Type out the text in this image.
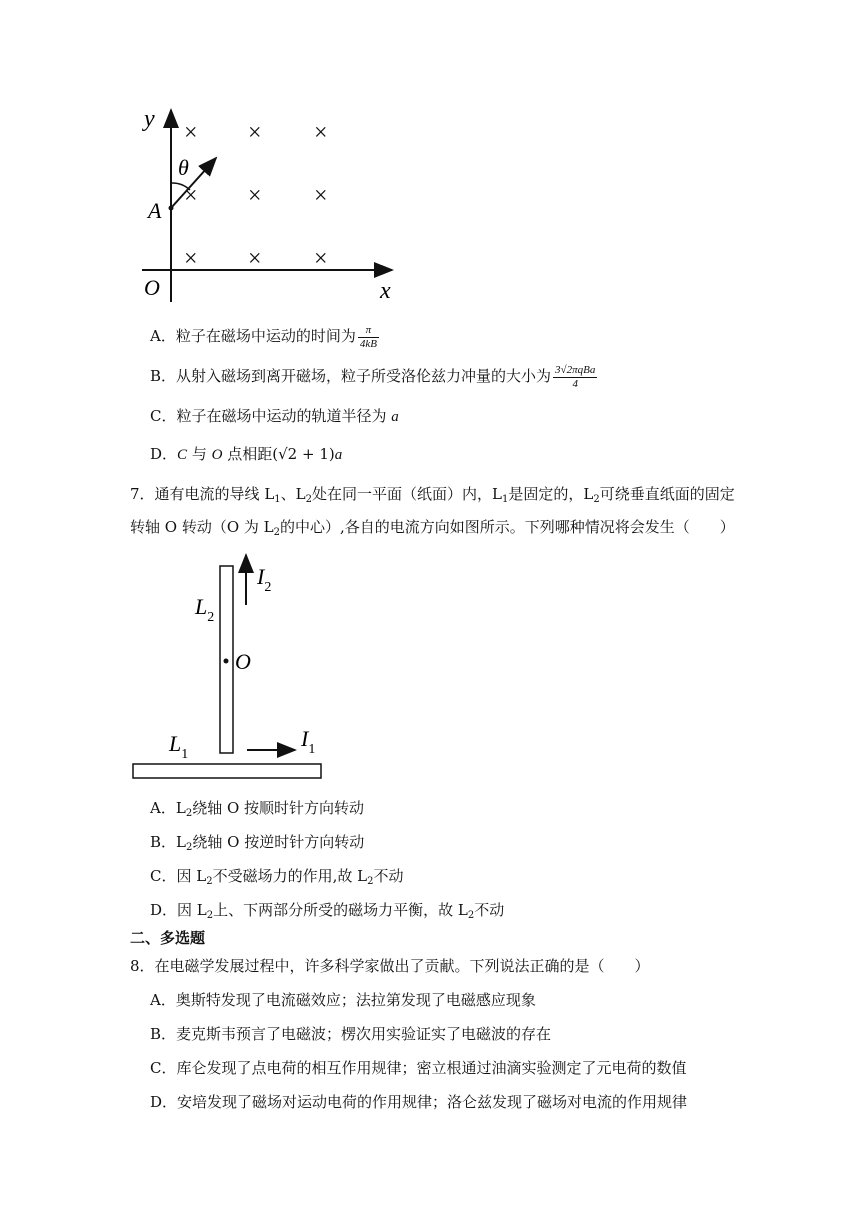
y
x
O
A
θ
× × ×
× × ×
× × ×
A．粒子在磁场中运动的时间为 $\frac{\pi}{4kB}$
B．从射入磁场到离开磁场，粒子所受洛伦兹力冲量的大小为 $\frac{\text{3√2πqBa}}{4}$
C．粒子在磁场中运动的轨道半径为 a
D．C 与 O 点相距(√2 + 1)a
7．通有电流的导线 $L_1$、$L_2$处在同一平面（纸面）内，$L_1$是固定的，$L_2$可绕垂直纸面的固定
转轴 O 转动（O 为 $L_2$的中心）,各自的电流方向如图所示。下列哪种情况将会发生（　　）
O
$I_2$
$L_2$
$L_1$
$I_1$
A．$L_2$绕轴 O 按顺时针方向转动
B．$L_2$绕轴 O 按逆时针方向转动
C．因 $L_2$不受磁场力的作用,故 $L_2$不动
D．因 $L_2$上、下两部分所受的磁场力平衡，故 $L_2$不动
二、多选题
8．在电磁学发展过程中，许多科学家做出了贡献。下列说法正确的是（　　）
A．奥斯特发现了电流磁效应；法拉第发现了电磁感应现象
B．麦克斯韦预言了电磁波；楞次用实验证实了电磁波的存在
C．库仑发现了点电荷的相互作用规律；密立根通过油滴实验测定了元电荷的数值
D．安培发现了磁场对运动电荷的作用规律；洛仑兹发现了磁场对电流的作用规律
